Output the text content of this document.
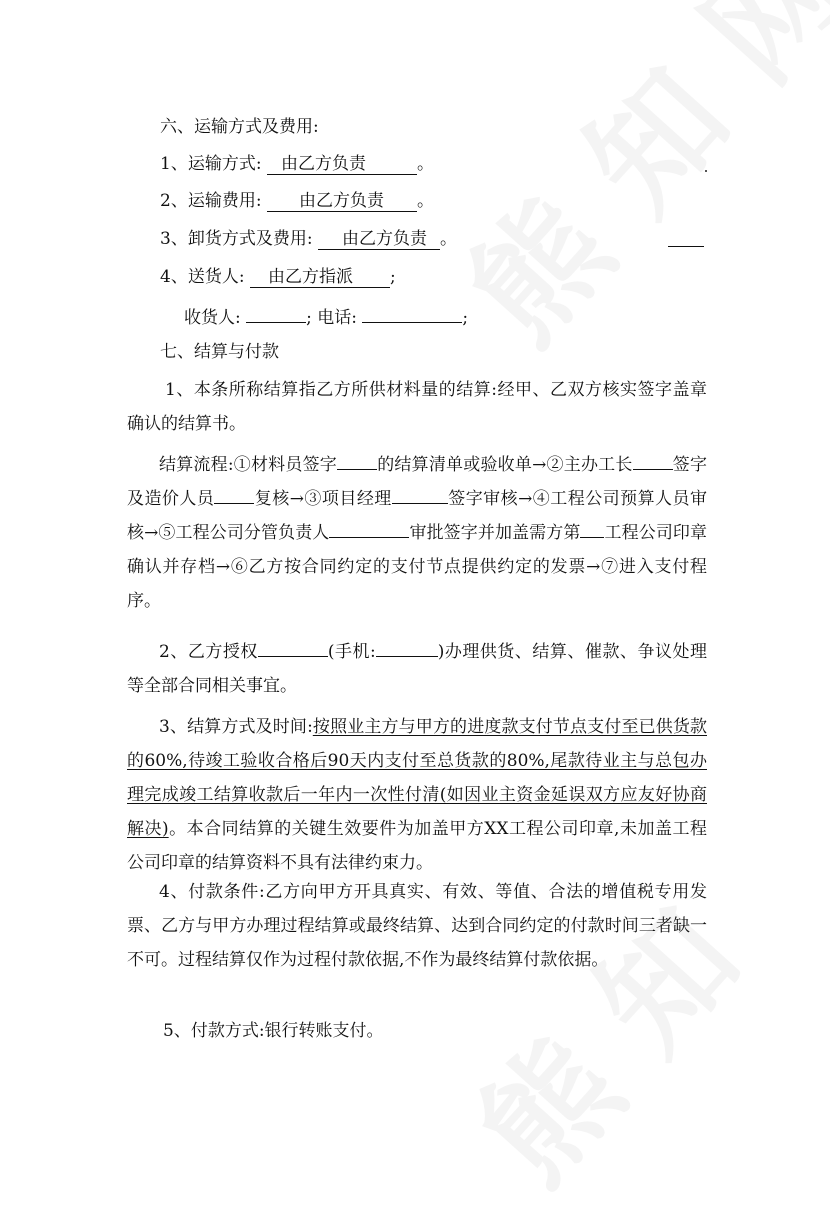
六、运输方式及费用:
1、运输方式: 由乙方负责	。
2、运输费用: 由乙方负责 。
3、卸货方式及费用: 由乙方负责 。
4、送货人: 由乙方指派 ;
收货人:	; 电话:	;
七、结算与付款
1、本条所称结算指乙方所供材料量的结算:经甲、乙双方核实签字盖章确认的结算书。
结算流程:①材料员签字 的结算清单或验收单→②主办工长 签字及造价人员 复核→③项目经理	签字审核→④工程公司预算人员审核→⑤工程公司分管负责人	审批签字并加盖需方第 工程公司印章确认并存档→⑥乙方按合同约定的支付节点提供约定的发票→⑦进入支付程序。
2、乙方授权	(手机:	)办理供货、结算、催款、争议处理等全部合同相关事宜。
3、结算方式及时间:按照业主方与甲方的进度款支付节点支付至已供货款的60%,待竣工验收合格后90天内支付至总货款的80%,尾款待业主与总包办理完成竣工结算收款后一年内一次性付清(如因业主资金延误双方应友好协商解决)。本合同结算的关键生效要件为加盖甲方XX工程公司印章,未加盖工程公司印章的结算资料不具有法律约束力。
4、付款条件:乙方向甲方开具真实、有效、等值、合法的增值税专用发票、乙方与甲方办理过程结算或最终结算、达到合同约定的付款时间三者缺一不可。过程结算仅作为过程付款依据,不作为最终结算付款依据。
5、付款方式:银行转账支付。
